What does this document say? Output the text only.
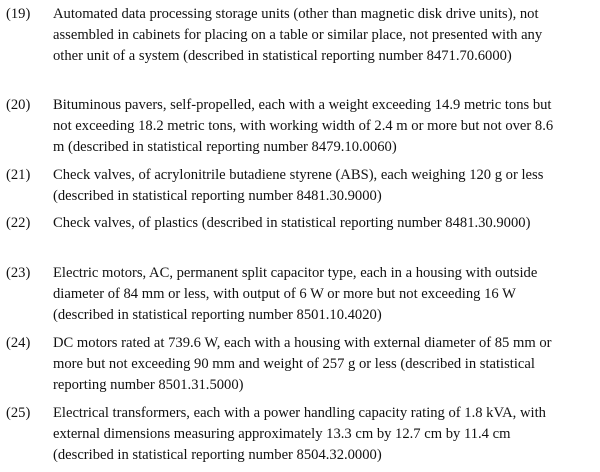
(19)	Automated data processing storage units (other than magnetic disk drive units), not assembled in cabinets for placing on a table or similar place, not presented with any other unit of a system (described in statistical reporting number 8471.70.6000)
(20)	Bituminous pavers, self-propelled, each with a weight exceeding 14.9 metric tons but not exceeding 18.2 metric tons, with working width of 2.4 m or more but not over 8.6 m (described in statistical reporting number 8479.10.0060)
(21)	Check valves, of acrylonitrile butadiene styrene (ABS), each weighing 120 g or less (described in statistical reporting number 8481.30.9000)
(22)	Check valves, of plastics (described in statistical reporting number 8481.30.9000)
(23)	Electric motors, AC, permanent split capacitor type, each in a housing with outside diameter of 84 mm or less, with output of 6 W or more but not exceeding 16 W (described in statistical reporting number 8501.10.4020)
(24)	DC motors rated at 739.6 W, each with a housing with external diameter of 85 mm or more but not exceeding 90 mm and weight of 257 g or less (described in statistical reporting number 8501.31.5000)
(25)	Electrical transformers, each with a power handling capacity rating of 1.8 kVA, with external dimensions measuring approximately 13.3 cm by 12.7 cm by 11.4 cm (described in statistical reporting number 8504.32.0000)
